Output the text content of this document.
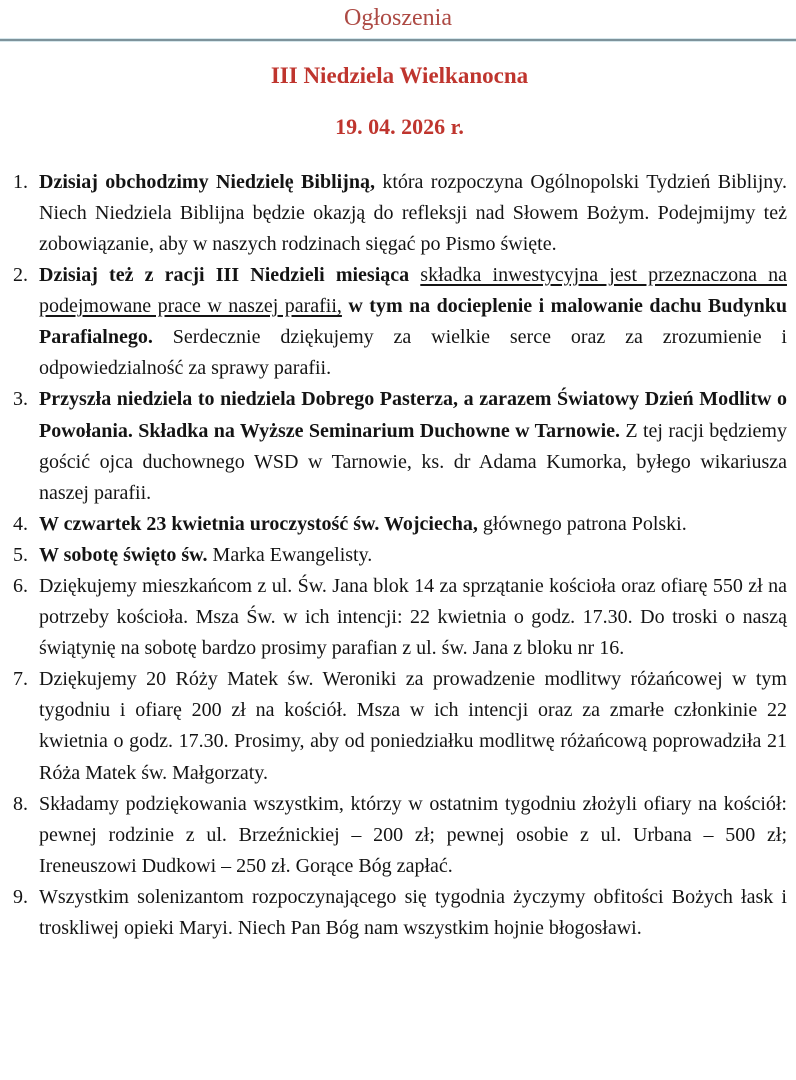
Ogłoszenia
III Niedziela Wielkanocna
19. 04. 2026 r.
1. Dzisiaj obchodzimy Niedzielę Biblijną, która rozpoczyna Ogólnopolski Tydzień Biblijny. Niech Niedziela Biblijna będzie okazją do refleksji nad Słowem Bożym. Podejmijmy też zobowiązanie, aby w naszych rodzinach sięgać po Pismo święte.
2. Dzisiaj też z racji III Niedzieli miesiąca składka inwestycyjna jest przeznaczona na podejmowane prace w naszej parafii, w tym na docieplenie i malowanie dachu Budynku Parafialnego. Serdecznie dziękujemy za wielkie serce oraz za zrozumienie i odpowiedzialność za sprawy parafii.
3. Przyszła niedziela to niedziela Dobrego Pasterza, a zarazem Światowy Dzień Modlitw o Powołania. Składka na Wyższe Seminarium Duchowne w Tarnowie. Z tej racji będziemy gościć ojca duchownego WSD w Tarnowie, ks. dr Adama Kumorka, byłego wikariusza naszej parafii.
4. W czwartek 23 kwietnia uroczystość św. Wojciecha, głównego patrona Polski.
5. W sobotę święto św. Marka Ewangelisty.
6. Dziękujemy mieszkańcom z ul. Św. Jana blok 14 za sprzątanie kościoła oraz ofiarę 550 zł na potrzeby kościoła. Msza Św. w ich intencji: 22 kwietnia o godz. 17.30. Do troski o naszą świątynię na sobotę bardzo prosimy parafian z ul. św. Jana z bloku nr 16.
7. Dziękujemy 20 Róży Matek św. Weroniki za prowadzenie modlitwy różańcowej w tym tygodniu i ofiarę 200 zł na kościół. Msza w ich intencji oraz za zmarłe członkinie 22 kwietnia o godz. 17.30. Prosimy, aby od poniedziałku modlitwę różańcową poprowadziła 21 Róża Matek św. Małgorzaty.
8. Składamy podziękowania wszystkim, którzy w ostatnim tygodniu złożyli ofiary na kościół: pewnej rodzinie z ul. Brzeźnickiej – 200 zł; pewnej osobie z ul. Urbana – 500 zł; Ireneuszowi Dudkowi – 250 zł. Gorące Bóg zapłać.
9. Wszystkim solenizantom rozpoczynającego się tygodnia życzymy obfitości Bożych łask i troskliwej opieki Maryi. Niech Pan Bóg nam wszystkim hojnie błogosławi.
